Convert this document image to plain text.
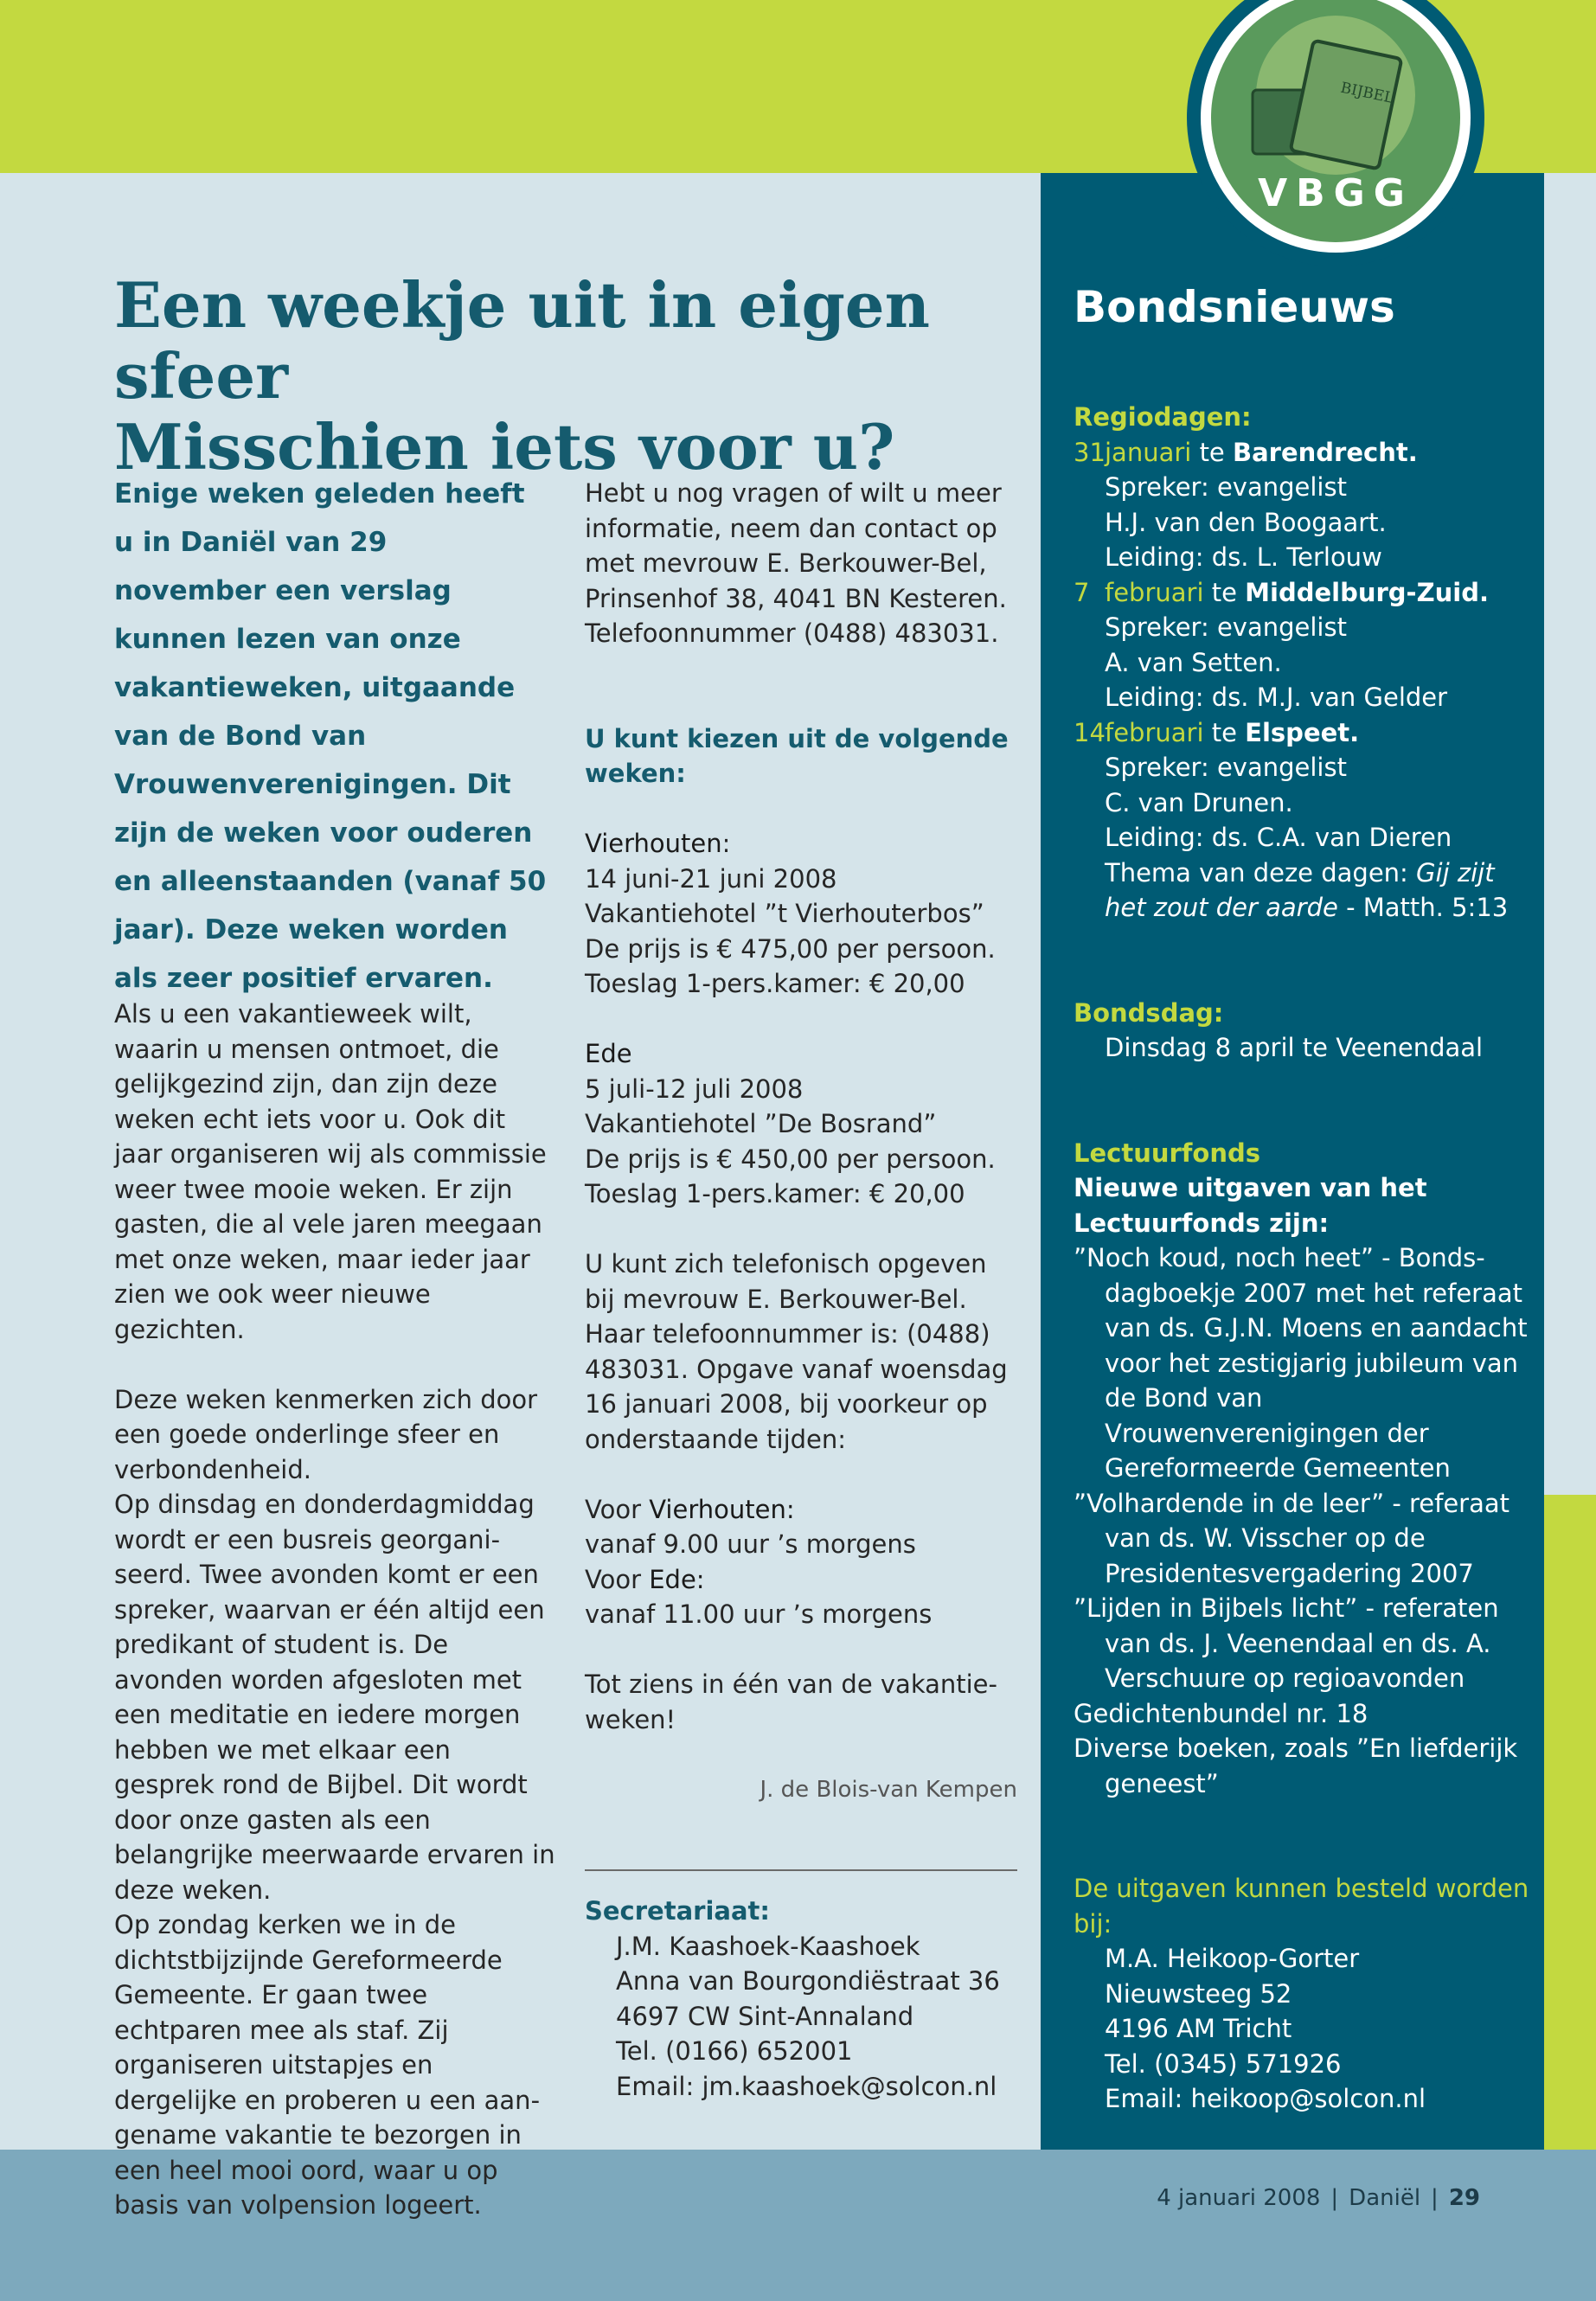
BIJBEL
VBGG
Een weekje uit in eigen sfeer
Misschien iets voor u?

Enige weken geleden heeft u in Daniël van 29 november een verslag kunnen lezen van onze vakantieweken, uitgaande van de Bond van Vrouwenverenigingen. Dit zijn de weken voor ouderen en alleenstaanden (vanaf 50 jaar). Deze weken worden als zeer positief ervaren.

Als u een vakantieweek wilt, waarin u mensen ontmoet, die gelijkgezind zijn, dan zijn deze weken echt iets voor u. Ook dit jaar organiseren wij als commissie weer twee mooie weken. Er zijn gasten, die al vele jaren meegaan met onze weken, maar ieder jaar zien we ook weer nieuwe gezichten.

Deze weken kenmerken zich door een goede onderlinge sfeer en verbondenheid.

Op dinsdag en donderdagmiddag wordt er een busreis georganiseerd. Twee avonden komt er een spreker, waarvan er één altijd een predikant of student is. De avonden worden afgesloten met een meditatie en iedere morgen hebben we met elkaar een gesprek rond de Bijbel. Dit wordt door onze gasten als een belangrijke meerwaarde ervaren in deze weken.

Op zondag kerken we in de dichtstbijzijnde Gereformeerde Gemeente. Er gaan twee echtparen mee als staf. Zij organiseren uitstapjes en dergelijke en proberen u een aangename vakantie te bezorgen in een heel mooi oord, waar u op basis van volpension logeert.

Hebt u nog vragen of wilt u meer informatie, neem dan contact op met mevrouw E. Berkouwer-Bel, Prinsenhof 38, 4041 BN Kesteren. Telefoonnummer (0488) 483031.

U kunt kiezen uit de volgende weken:

Vierhouten:

14 juni-21 juni 2008

Vakantiehotel ”t Vierhouterbos”

De prijs is € 475,00 per persoon.

Toeslag 1-pers.kamer: € 20,00

Ede

5 juli-12 juli 2008

Vakantiehotel ”De Bosrand”

De prijs is € 450,00 per persoon.

Toeslag 1-pers.kamer: € 20,00

U kunt zich telefonisch opgeven bij mevrouw E. Berkouwer-Bel. Haar telefoonnummer is: (0488) 483031. Opgave vanaf woensdag 16 januari 2008, bij voorkeur op onderstaande tijden:

Voor Vierhouten:

vanaf 9.00 uur ’s morgens

Voor Ede:

vanaf 11.00 uur ’s morgens

Tot ziens in één van de vakantieweken!

J. de Blois-van Kempen

Secretariaat:

J.M. Kaashoek-Kaashoek

Anna van Bourgondiëstraat 36

4697 CW Sint-Annaland

Tel. (0166) 652001

Email: jm.kaashoek@solcon.nl

Bondsnieuws

Regiodagen:

31januari te Barendrecht.

Spreker: evangelist

H.J. van den Boogaart.

Leiding: ds. L. Terlouw

7 februari te Middelburg-Zuid.

Spreker: evangelist

A. van Setten.

Leiding: ds. M.J. van Gelder

14februari te Elspeet.

Spreker: evangelist

C. van Drunen.

Leiding: ds. C.A. van Dieren

Thema van deze dagen: Gij zijt het zout der aarde - Matth. 5:13

Bondsdag:

Dinsdag 8 april te Veenendaal

Lectuurfonds

Nieuwe uitgaven van het Lectuurfonds zijn:

”Noch koud, noch heet” - Bondsdagboekje 2007 met het referaat van ds. G.J.N. Moens en aandacht voor het zestigjarig jubileum van de Bond van Vrouwenverenigingen der Gereformeerde Gemeenten

”Volhardende in de leer” - referaat van ds. W. Visscher op de Presidentesvergadering 2007

”Lijden in Bijbels licht” - referaten van ds. J. Veenendaal en ds. A. Verschuure op regioavonden

Gedichtenbundel nr. 18

Diverse boeken, zoals ”En liefderijk geneest”

De uitgaven kunnen besteld worden bij:

M.A. Heikoop-Gorter

Nieuwsteeg 52

4196 AM Tricht

Tel. (0345) 571926

Email: heikoop@solcon.nl

4 januari 2008 | Daniël | 29
